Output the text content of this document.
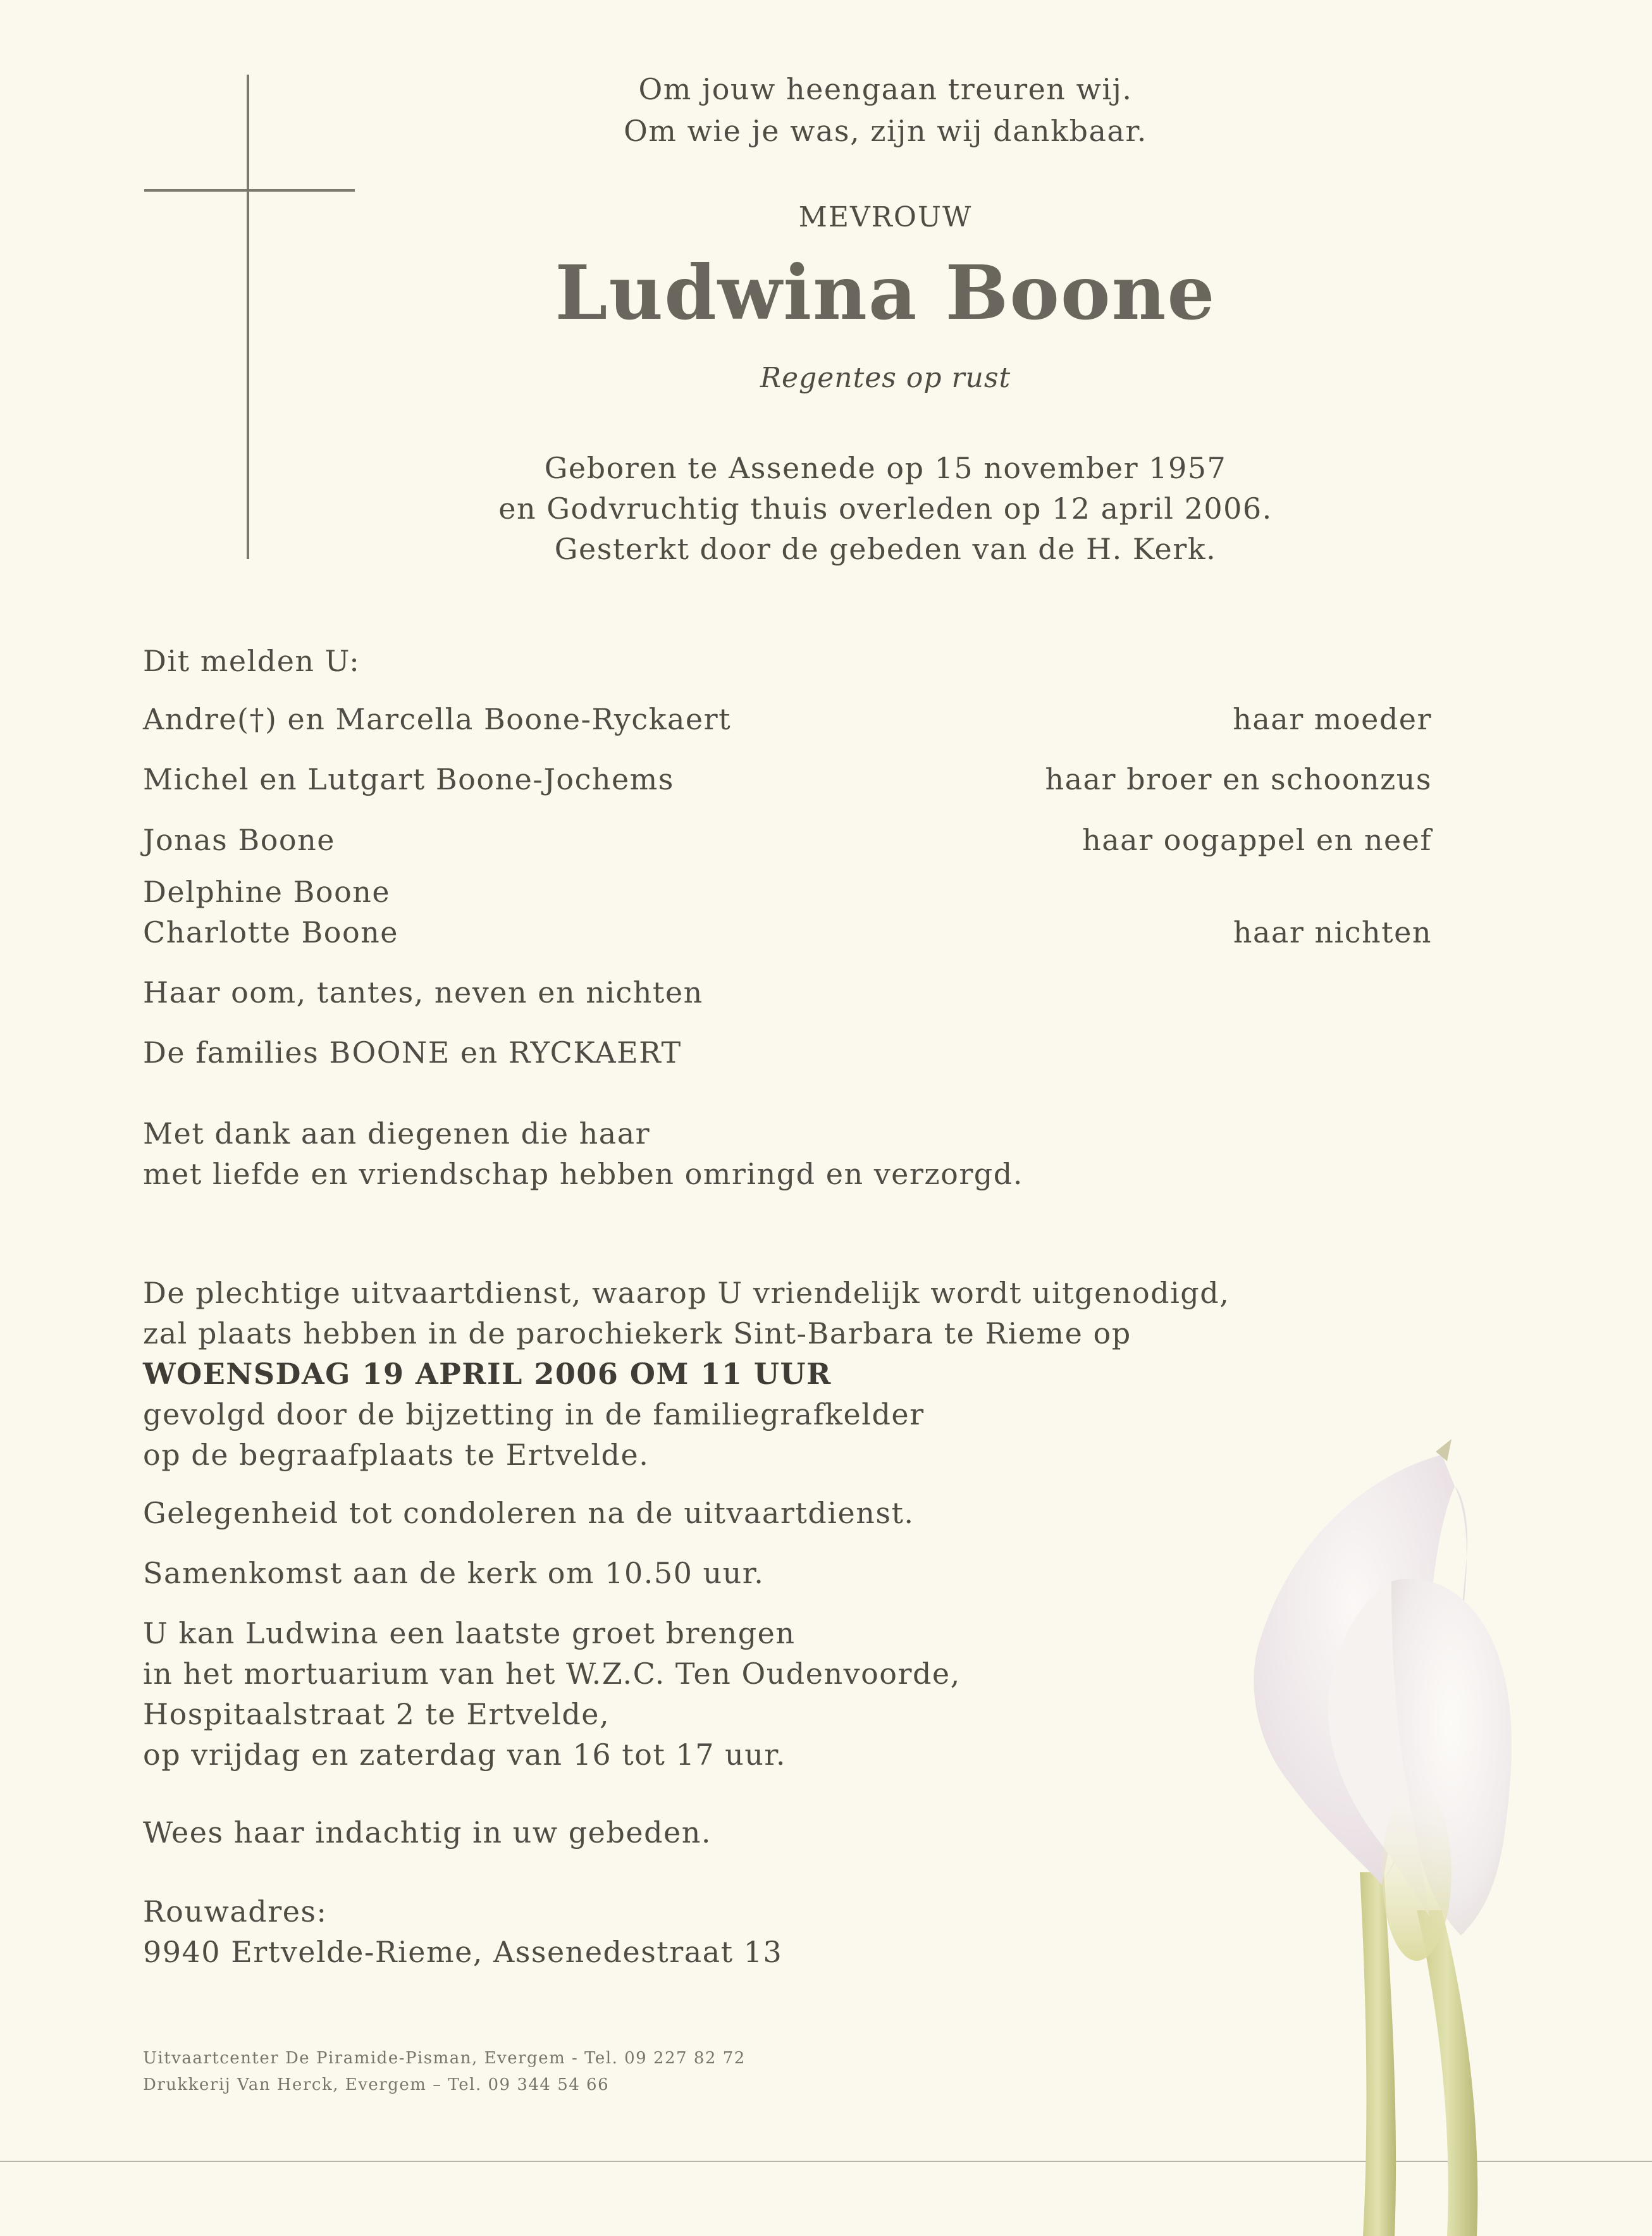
Om jouw heengaan treuren wij.
Om wie je was, zijn wij dankbaar.
MEVROUW
Ludwina Boone
Regentes op rust
Geboren te Assenede op 15 november 1957
en Godvruchtig thuis overleden op 12 april 2006.
Gesterkt door de gebeden van de H. Kerk.
Dit melden U:
Andre(†) en Marcella Boone-Ryckaert	haar moeder
Michel en Lutgart Boone-Jochems	haar broer en schoonzus
Jonas Boone	haar oogappel en neef
Delphine Boone
Charlotte Boone	haar nichten
Haar oom, tantes, neven en nichten
De families BOONE en RYCKAERT
Met dank aan diegenen die haar
met liefde en vriendschap hebben omringd en verzorgd.
De plechtige uitvaartdienst, waarop U vriendelijk wordt uitgenodigd,
zal plaats hebben in de parochiekerk Sint-Barbara te Rieme op
WOENSDAG 19 APRIL 2006 OM 11 UUR
gevolgd door de bijzetting in de familiegrafkelder
op de begraafplaats te Ertvelde.
Gelegenheid tot condoleren na de uitvaartdienst.
Samenkomst aan de kerk om 10.50 uur.
U kan Ludwina een laatste groet brengen
in het mortuarium van het W.Z.C. Ten Oudenvoorde,
Hospitaalstraat 2 te Ertvelde,
op vrijdag en zaterdag van 16 tot 17 uur.
Wees haar indachtig in uw gebeden.
Rouwadres:
9940 Ertvelde-Rieme, Assenedestraat 13
Uitvaartcenter De Piramide-Pisman, Evergem - Tel. 09 227 82 72
Drukkerij Van Herck, Evergem – Tel. 09 344 54 66
